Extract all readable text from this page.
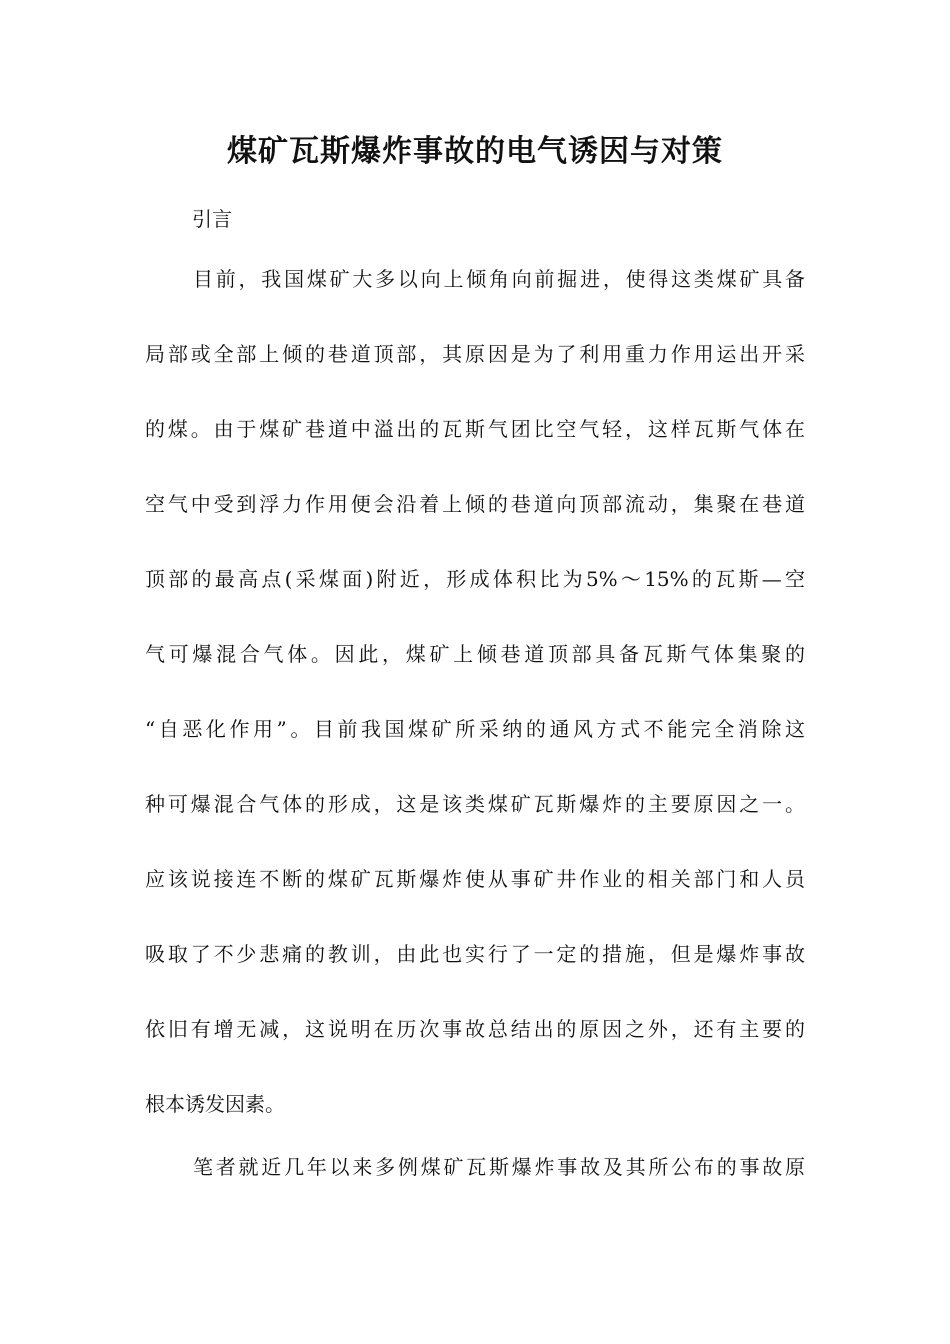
煤矿瓦斯爆炸事故的电气诱因与对策

引言

目前，我国煤矿大多以向上倾角向前掘进，使得这类煤矿具备
局部或全部上倾的巷道顶部，其原因是为了利用重力作用运出开采
的煤。由于煤矿巷道中溢出的瓦斯气团比空气轻，这样瓦斯气体在
空气中受到浮力作用便会沿着上倾的巷道向顶部流动，集聚在巷道
顶部的最高点(采煤面)附近，形成体积比为5%～15%的瓦斯—空
气可爆混合气体。因此，煤矿上倾巷道顶部具备瓦斯气体集聚的
“自恶化作用”。目前我国煤矿所采纳的通风方式不能完全消除这
种可爆混合气体的形成，这是该类煤矿瓦斯爆炸的主要原因之一。
应该说接连不断的煤矿瓦斯爆炸使从事矿井作业的相关部门和人员
吸取了不少悲痛的教训，由此也实行了一定的措施，但是爆炸事故
依旧有增无减，这说明在历次事故总结出的原因之外，还有主要的
根本诱发因素。
笔者就近几年以来多例煤矿瓦斯爆炸事故及其所公布的事故原
